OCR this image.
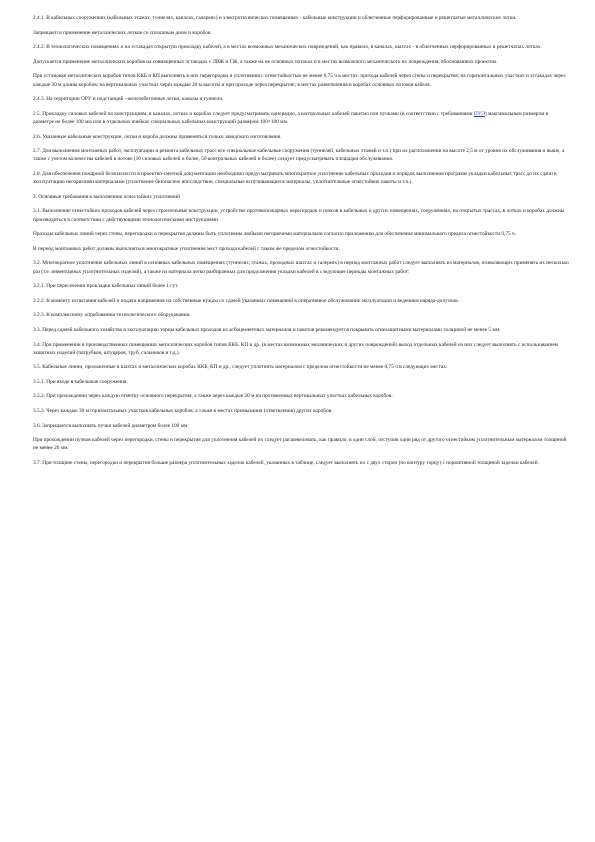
2.4.1. В кабельных сооружениях (кабельных этажах, туннелях, каналах, галереях) и электротехнических помещениях - кабельные конструкции и облегченные перфорированные и решетчатые металлические лотки.

Запрещается применение металлических лотков со сплошным дном и коробов.

2.4.2. В технологических помещениях и на эстакадах открытую прокладку кабелей, а в местах возможных механических повреждений, как правило, в каналах, шахтах - в облегченных перфорированных и решетчатых лотках.

Допускается применение металлических коробов на совмещенных эстакадах с ЛВЖ и ГЖ, а также на не основных потоках и в местах возможного механического их повреждения, обоснованных проектом.

При установке металлических коробов типов ККБ и КП выполнять в них перегородки и уплотнения с огнестойкостью не менее 0,75 ч в местах: прохода кабелей через стены и перекрытия; на горизонтальных участках и эстакадах через каждые 30 м длины коробов; на вертикальных участках через каждые 20 м высоты и при проходе через перекрытие; в местах разветвления в коробах основных потоков кабеля.

2.4.3. На территории ОРУ и подстанций - железобетонные лотки, каналы и туннели.

2.5. Прокладку силовых кабелей по конструкциям, в каналах, лотках и коробах следует предусматривать однорядно, а контрольных кабелей пакетно или пучками (в соответствии с требованиями ПУЭ) максимальным размером в диаметре не более 100 мм или в отдельных ячейках специальных кабельных конструкций размером 100×100 мм.

2.6. Указанные кабельные конструкции, лотки и короба должны применяться только заводского изготовления.

2.7. Для выполнения монтажных работ, эксплуатации и ремонта кабельных трасс все специальные кабельные сооружения (туннелей, кабельных этажей и т.п.) при их расположении на высоте 2,5 м от уровня их обслуживания и выше, а также с учетом количества кабелей в потоке (10 силовых кабелей и более, 50 контрольных кабелей и более) следует предусматривать площадки обслуживания.

2.8. Для обеспечения пожарной безопасности в проектно-сметной документации необходимо предусматривать многократное уплотнение кабельных проходов и порядок выполнения программ укладки кабельных трасс до их сдачи в эксплуатацию негорючими материалами (уплотнение безопасное впоследствии, специальные вспучивающиеся материалы, уплотнительные огнестойкие пакеты и т.п.).

3. Основные требования к выполнению огнестойких уплотнений

3.1. Выполнение огнестойких проходов кабелей через строительные конструкции, устройство противопожарных перегородок и поясов в кабельных и других помещениях, сооружениях, на открытых трассах, в лотках и коробах должны производиться в соответствии с действующими технологическими инструкциями.

Проходы кабельных линий через стены, перегородки и перекрытия должны быть уплотнены любыми негорючими материалами согласно приложению для обеспечения минимального предела огнестойкости 0,75 ч.

В период монтажных работ должны выполняться многократные уплотнения мест прохода кабелей с таким же пределом огнестойкости.

3.2. Многократное уплотнение кабельных линий в основных кабельных помещениях (туннелях, этажах, проходных шахтах и галереях) в период монтажных работ следует выполнять из материалов, позволяющих применять их несколько раз (т.е. инвентарных уплотнительных изделий), а также из материала легко разбираемых для продолжения укладки кабелей в следующие периоды монтажных работ:

3.2.1. При пересечении прокладки кабельных линий более 1 сут.

3.2.2. К моменту испытания кабелей и подачи напряжения на собственные нужды со сдачей указанных помещений в оперативное обслуживание эксплуатации и ведением наряда-допусков.

3.2.3. К комплексному опробованию технологического оборудования.

3.3. Перед сдачей кабельного хозяйства в эксплуатацию торцы кабельных проходов из асбоцементных материалов и пакетов рекомендуется покрывать огнезащитными материалами толщиной не менее 5 мм.

3.4. При применении в производственных помещениях металлических коробов типов ККБ, КП и др. (в местах возможных механических и других повреждений) выход отдельных кабелей из них следует выполнять с использованием защитных изделий (патрубков, штуцеров, труб, сальников и т.д.).

3.5. Кабельные линии, проложенные в шахтах и металлических коробах ККБ, КП и др., следует уплотнять материалом с пределом огнестойкости не менее 0,75 ч в следующих местах:

3.5.1. При входе в кабельные сооружения.

3.5.2. При прохождении через каждую отметку основного перекрытия, а также через каждые 20 м на протяженных вертикальных участках кабельных коробов.

3.5.3. Через каждые 30 м горизонтальных участков кабельных коробов, а также в местах примыкания (ответвления) других коробов.

3.6. Запрещается выполнять пучки кабелей диаметром более 100 мм.

При прохождении пучков кабелей через перегородки, стены и перекрытия для уплотнения кабелей их следует расшевеливать, как правило, в один слой, отступив один ряд от другого огнестойким уплотнительным материалом толщиной не менее 20 мм.

3.7. При толщине стены, перегородки и перекрытия больше размера уплотнительных заделок кабелей, указанных в таблице, следует выполнять их с двух сторон (по контуру торцу) с нормативной толщиной заделки кабелей.
